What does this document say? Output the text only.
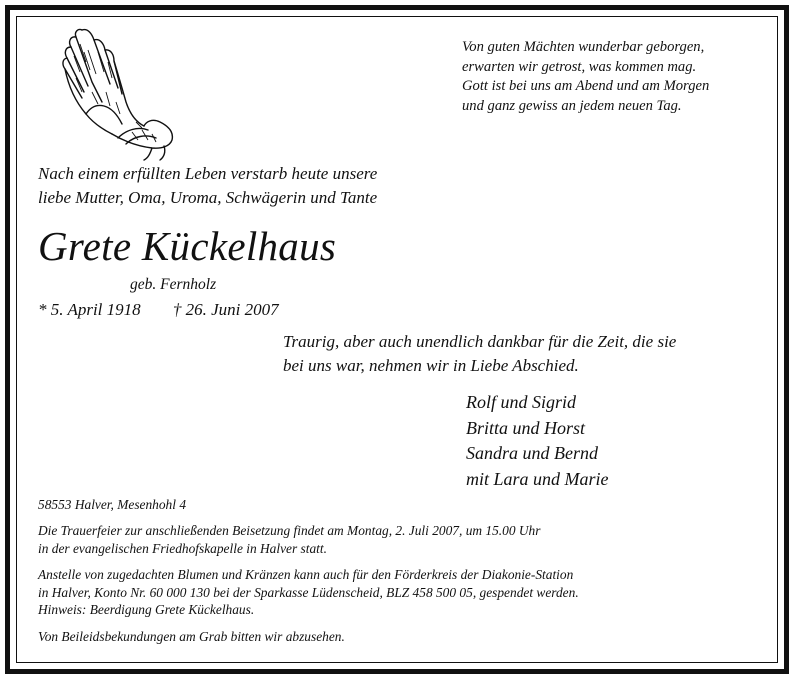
Von guten Mächten wunderbar geborgen,
erwarten wir getrost, was kommen mag.
Gott ist bei uns am Abend und am Morgen
und ganz gewiss an jedem neuen Tag.
Nach einem erfüllten Leben verstarb heute unsere
liebe Mutter, Oma, Uroma, Schwägerin und Tante
Grete Kückelhaus
geb. Fernholz
* 5. April 1918 † 26. Juni 2007
Traurig, aber auch unendlich dankbar für die Zeit, die sie
bei uns war, nehmen wir in Liebe Abschied.
Rolf und Sigrid
Britta und Horst
Sandra und Bernd
mit Lara und Marie
58553 Halver, Mesenhohl 4
Die Trauerfeier zur anschließenden Beisetzung findet am Montag, 2. Juli 2007, um 15.00 Uhr
in der evangelischen Friedhofskapelle in Halver statt.
Anstelle von zugedachten Blumen und Kränzen kann auch für den Förderkreis der Diakonie-Station
in Halver, Konto Nr. 60 000 130 bei der Sparkasse Lüdenscheid, BLZ 458 500 05, gespendet werden.
Hinweis: Beerdigung Grete Kückelhaus.
Von Beileidsbekundungen am Grab bitten wir abzusehen.
